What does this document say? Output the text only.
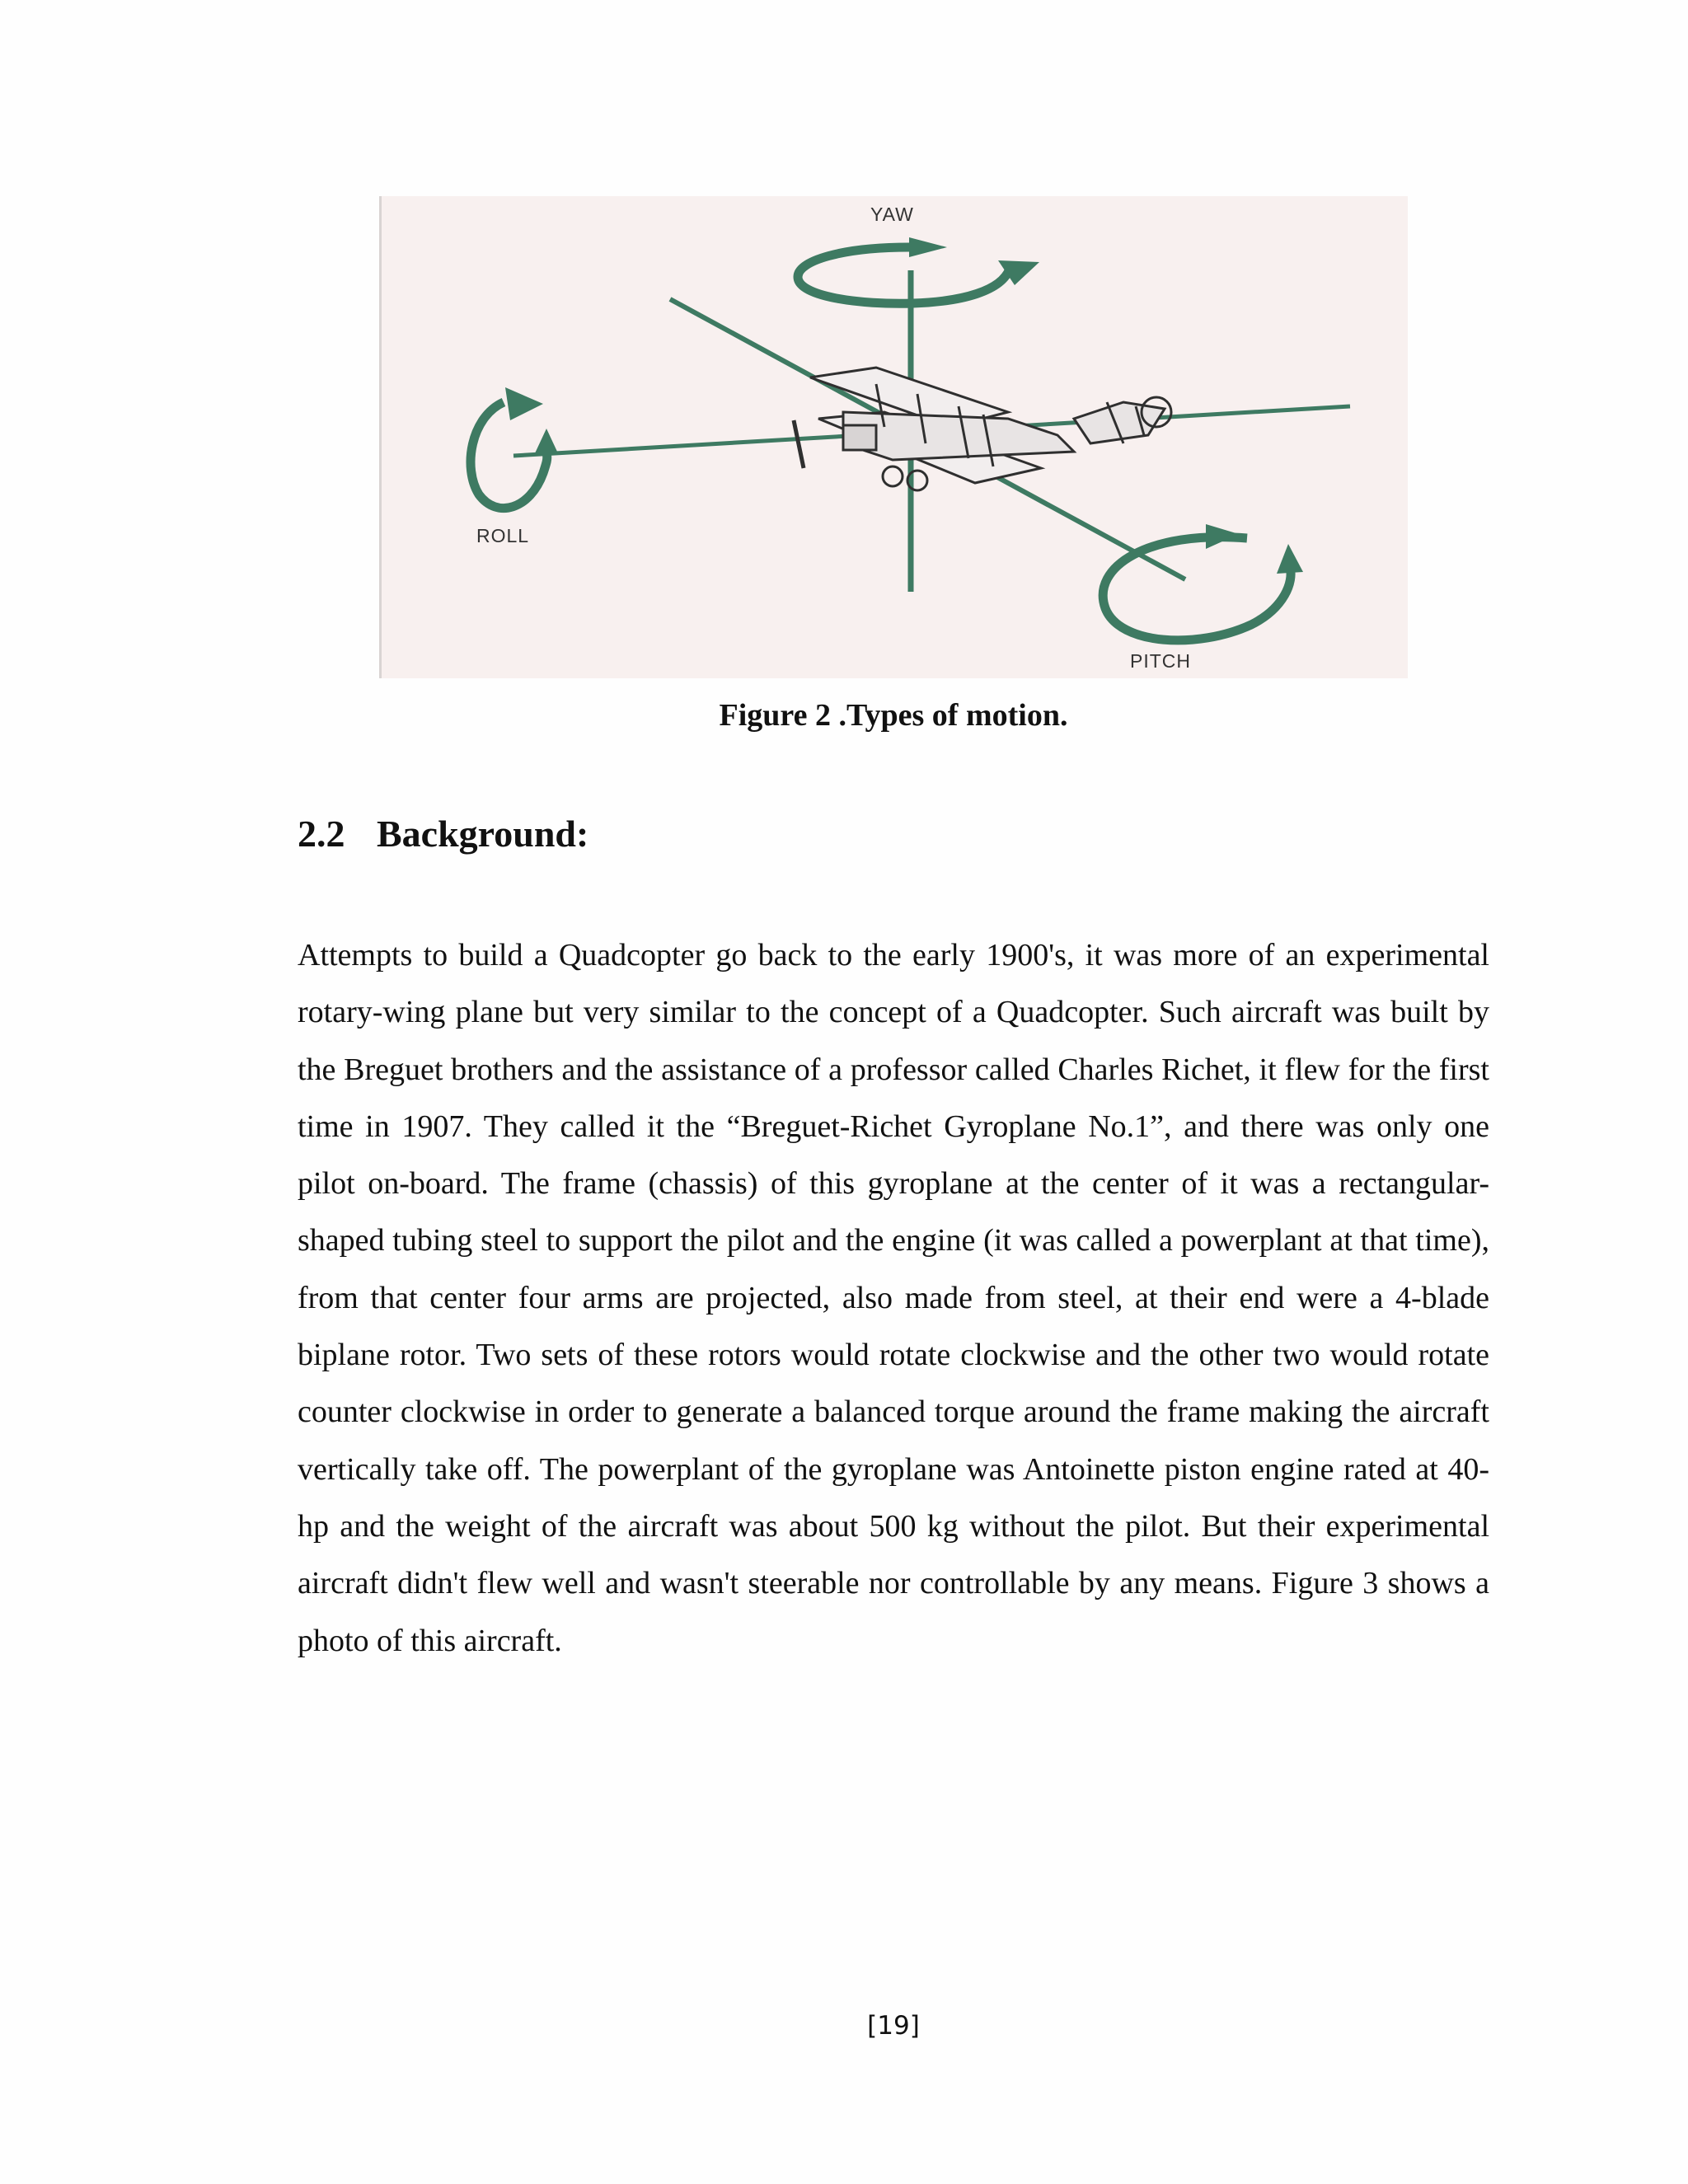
YAW
ROLL
PITCH
Figure 2 .Types of motion.
2.2 Background:
Attempts to build a Quadcopter go back to the early 1900's, it was more of an experimental rotary-wing plane but very similar to the concept of a Quadcopter. Such aircraft was built by the Breguet brothers and the assistance of a professor called Charles Richet, it flew for the first time in 1907. They called it the “Breguet-Richet Gyroplane No.1”, and there was only one pilot on-board. The frame (chassis) of this gyroplane at the center of it was a rectangular-shaped tubing steel to support the pilot and the engine (it was called a powerplant at that time), from that center four arms are projected, also made from steel, at their end were a 4-blade biplane rotor. Two sets of these rotors would rotate clockwise and the other two would rotate counter clockwise in order to generate a balanced torque around the frame making the aircraft vertically take off. The powerplant of the gyroplane was Antoinette piston engine rated at 40-hp and the weight of the aircraft was about 500 kg without the pilot. But their experimental aircraft didn't flew well and wasn't steerable nor controllable by any means. Figure 3 shows a photo of this aircraft.
[19]
